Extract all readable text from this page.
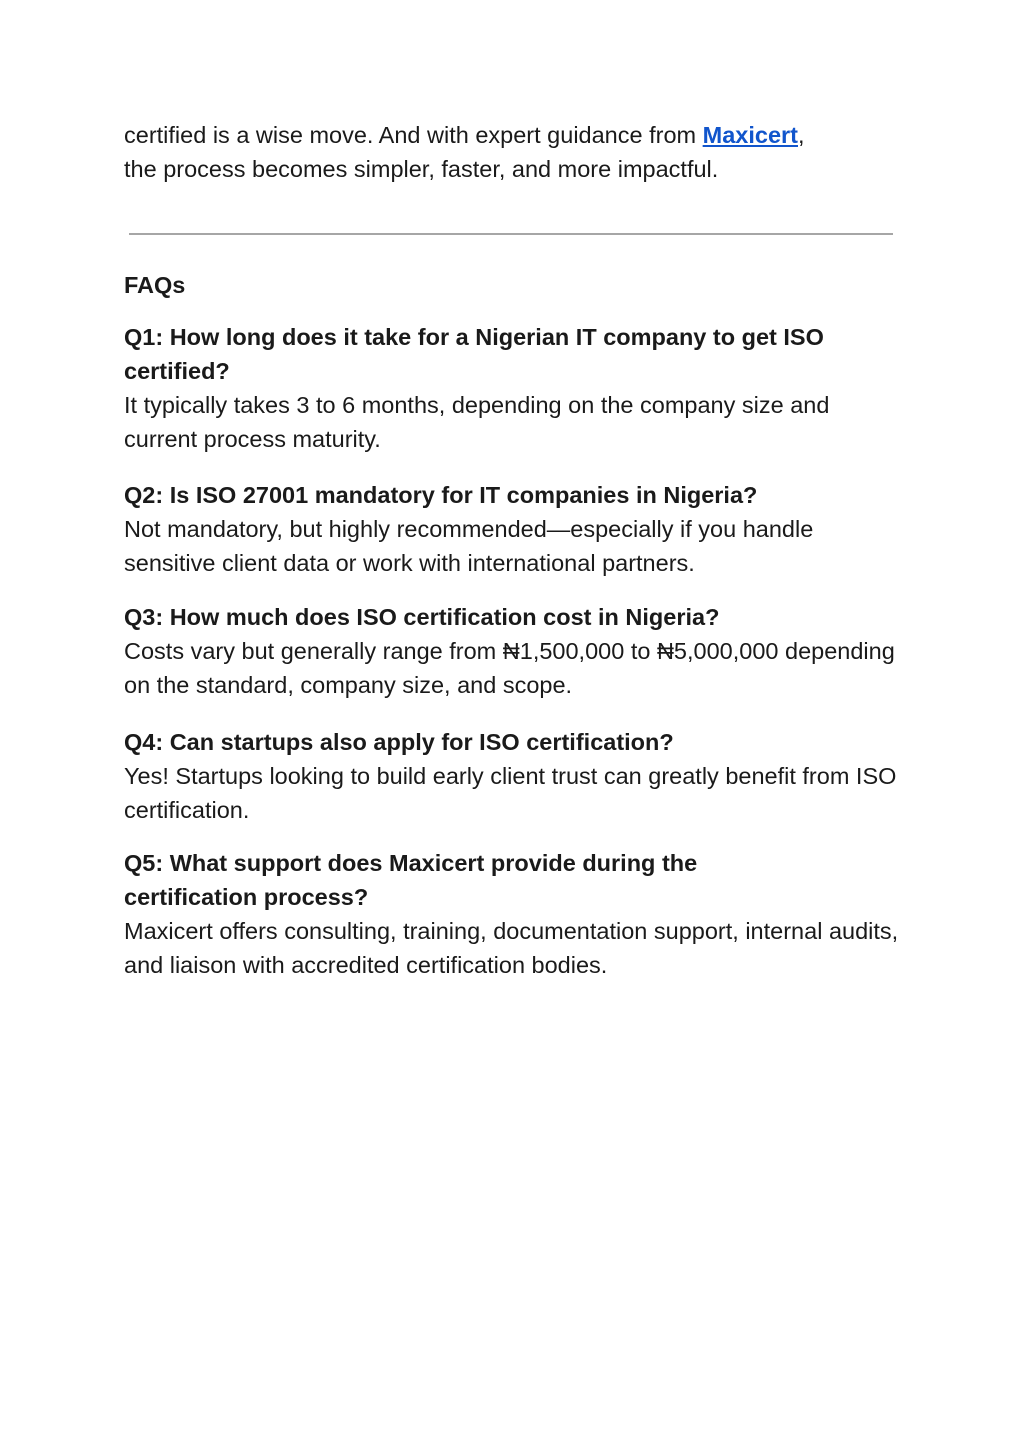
certified is a wise move. And with expert guidance from Maxicert,
the process becomes simpler, faster, and more impactful.

FAQs

Q1: How long does it take for a Nigerian IT company to get ISO certified?

It typically takes 3 to 6 months, depending on the company size and current process maturity.

Q2: Is ISO 27001 mandatory for IT companies in Nigeria?

Not mandatory, but highly recommended—especially if you handle sensitive client data or work with international partners.

Q3: How much does ISO certification cost in Nigeria?

Costs vary but generally range from ₦1,500,000 to ₦5,000,000 depending on the standard, company size, and scope.

Q4: Can startups also apply for ISO certification?

Yes! Startups looking to build early client trust can greatly benefit from ISO certification.

Q5: What support does Maxicert provide during the certification process?

Maxicert offers consulting, training, documentation support, internal audits, and liaison with accredited certification bodies.
